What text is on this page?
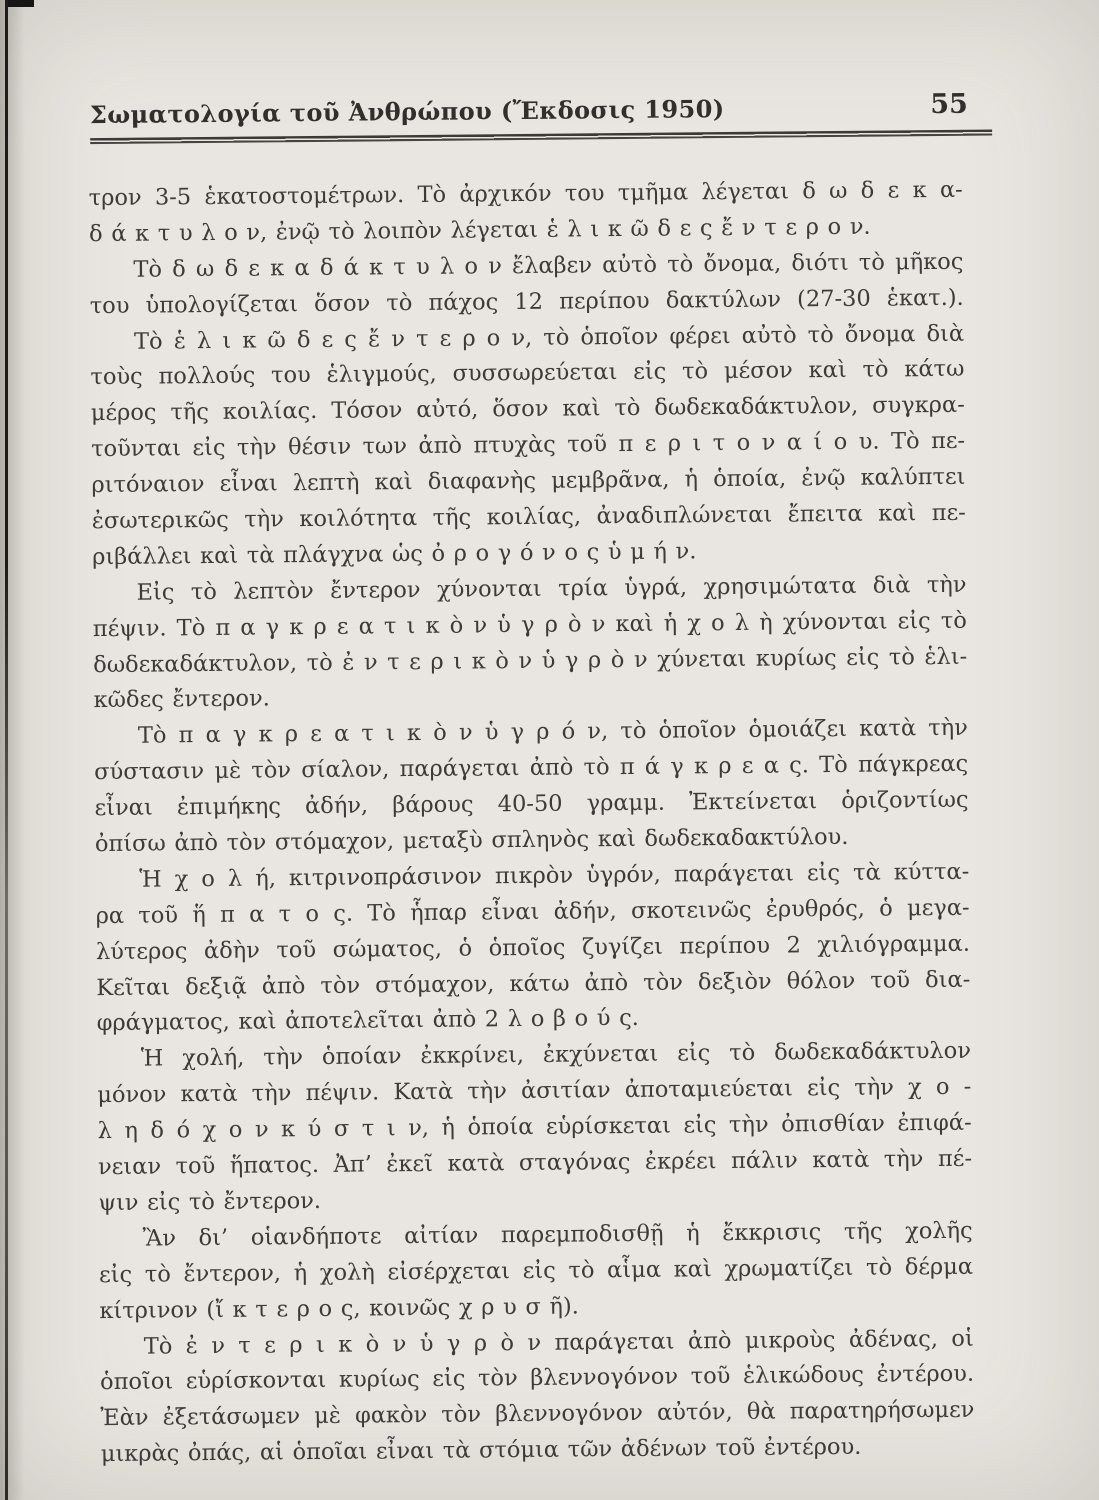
Σωματολογία τοῦ Ἀνθρώπου (Ἔκδοσις 1950)	55
τρον 3-5 ἑκατοστομέτρων. Τὸ ἀρχικόν του τμῆμα λέγεται δ ω δ ε κ α-
δ ά κ τ υ λ ο ν, ἐνῷ τὸ λοιπὸν λέγεται ἑ λ ι κ ῶ δ ε ς ἔ ν τ ε ρ ο ν.
Τὸ δ ω δ ε κ α δ ά κ τ υ λ ο ν ἔλαβεν αὐτὸ τὸ ὄνομα, διότι τὸ μῆκος
του ὑπολογίζεται ὅσον τὸ πάχος 12 περίπου δακτύλων (27-30 ἑκατ.).
Τὸ ἑ λ ι κ ῶ δ ε ς ἔ ν τ ε ρ ο ν, τὸ ὁποῖον φέρει αὐτὸ τὸ ὄνομα διὰ
τοὺς πολλούς του ἑλιγμούς, συσσωρεύεται εἰς τὸ μέσον καὶ τὸ κάτω
μέρος τῆς κοιλίας. Τόσον αὐτό, ὅσον καὶ τὸ δωδεκαδάκτυλον, συγκρα-
τοῦνται εἰς τὴν θέσιν των ἀπὸ πτυχὰς τοῦ π ε ρ ι τ ο ν α ί ο υ. Τὸ πε-
ριτόναιον εἶναι λεπτὴ καὶ διαφανὴς μεμβρᾶνα, ἡ ὁποία, ἐνῷ καλύπτει
ἐσωτερικῶς τὴν κοιλότητα τῆς κοιλίας, ἀναδιπλώνεται ἔπειτα καὶ πε-
ριβάλλει καὶ τὰ πλάγχνα ὡς ὀ ρ ο γ ό ν ο ς ὑ μ ή ν.
Εἰς τὸ λεπτὸν ἔντερον χύνονται τρία ὑγρά, χρησιμώτατα διὰ τὴν
πέψιν. Τὸ π α γ κ ρ ε α τ ι κ ὸ ν ὑ γ ρ ὸ ν καὶ ἡ χ ο λ ὴ χύνονται εἰς τὸ
δωδεκαδάκτυλον, τὸ ἐ ν τ ε ρ ι κ ὸ ν ὑ γ ρ ὸ ν χύνεται κυρίως εἰς τὸ ἑλι-
κῶδες ἔντερον.
Τὸ π α γ κ ρ ε α τ ι κ ὸ ν ὑ γ ρ ό ν, τὸ ὁποῖον ὁμοιάζει κατὰ τὴν
σύστασιν μὲ τὸν σίαλον, παράγεται ἀπὸ τὸ π ά γ κ ρ ε α ς. Τὸ πάγκρεας
εἶναι ἐπιμήκης ἀδήν, βάρους 40-50 γραμμ. Ἐκτείνεται ὁριζοντίως
ὀπίσω ἀπὸ τὸν στόμαχον, μεταξὺ σπληνὸς καὶ δωδεκαδακτύλου.
Ἡ χ ο λ ή, κιτρινοπράσινον πικρὸν ὑγρόν, παράγεται εἰς τὰ κύττα-
ρα τοῦ ἥ π α τ ο ς. Τὸ ἧπαρ εἶναι ἀδήν, σκοτεινῶς ἐρυθρός, ὁ μεγα-
λύτερος ἀδὴν τοῦ σώματος, ὁ ὁποῖος ζυγίζει περίπου 2 χιλιόγραμμα.
Κεῖται δεξιᾷ ἀπὸ τὸν στόμαχον, κάτω ἀπὸ τὸν δεξιὸν θόλον τοῦ δια-
φράγματος, καὶ ἀποτελεῖται ἀπὸ 2 λ ο β ο ύ ς.
Ἡ χολή, τὴν ὁποίαν ἐκκρίνει, ἐκχύνεται εἰς τὸ δωδεκαδάκτυλον
μόνον κατὰ τὴν πέψιν. Κατὰ τὴν ἀσιτίαν ἀποταμιεύεται εἰς τὴν χ ο -
λ η δ ό χ ο ν κ ύ σ τ ι ν, ἡ ὁποία εὑρίσκεται εἰς τὴν ὀπισθίαν ἐπιφά-
νειαν τοῦ ἥπατος. Ἀπ’ ἐκεῖ κατὰ σταγόνας ἐκρέει πάλιν κατὰ τὴν πέ-
ψιν εἰς τὸ ἔντερον.
Ἂν δι’ οἱανδήποτε αἰτίαν παρεμποδισθῇ ἡ ἔκκρισις τῆς χολῆς
εἰς τὸ ἔντερον, ἡ χολὴ εἰσέρχεται εἰς τὸ αἷμα καὶ χρωματίζει τὸ δέρμα
κίτρινον (ἴ κ τ ε ρ ο ς, κοινῶς χ ρ υ σ ῆ).
Τὸ ἐ ν τ ε ρ ι κ ὸ ν ὑ γ ρ ὸ ν παράγεται ἀπὸ μικροὺς ἀδένας, οἱ
ὁποῖοι εὑρίσκονται κυρίως εἰς τὸν βλεννογόνον τοῦ ἑλικώδους ἐντέρου.
Ἐὰν ἐξετάσωμεν μὲ φακὸν τὸν βλεννογόνον αὐτόν, θὰ παρατηρήσωμεν
μικρὰς ὀπάς, αἱ ὁποῖαι εἶναι τὰ στόμια τῶν ἀδένων τοῦ ἐντέρου.
